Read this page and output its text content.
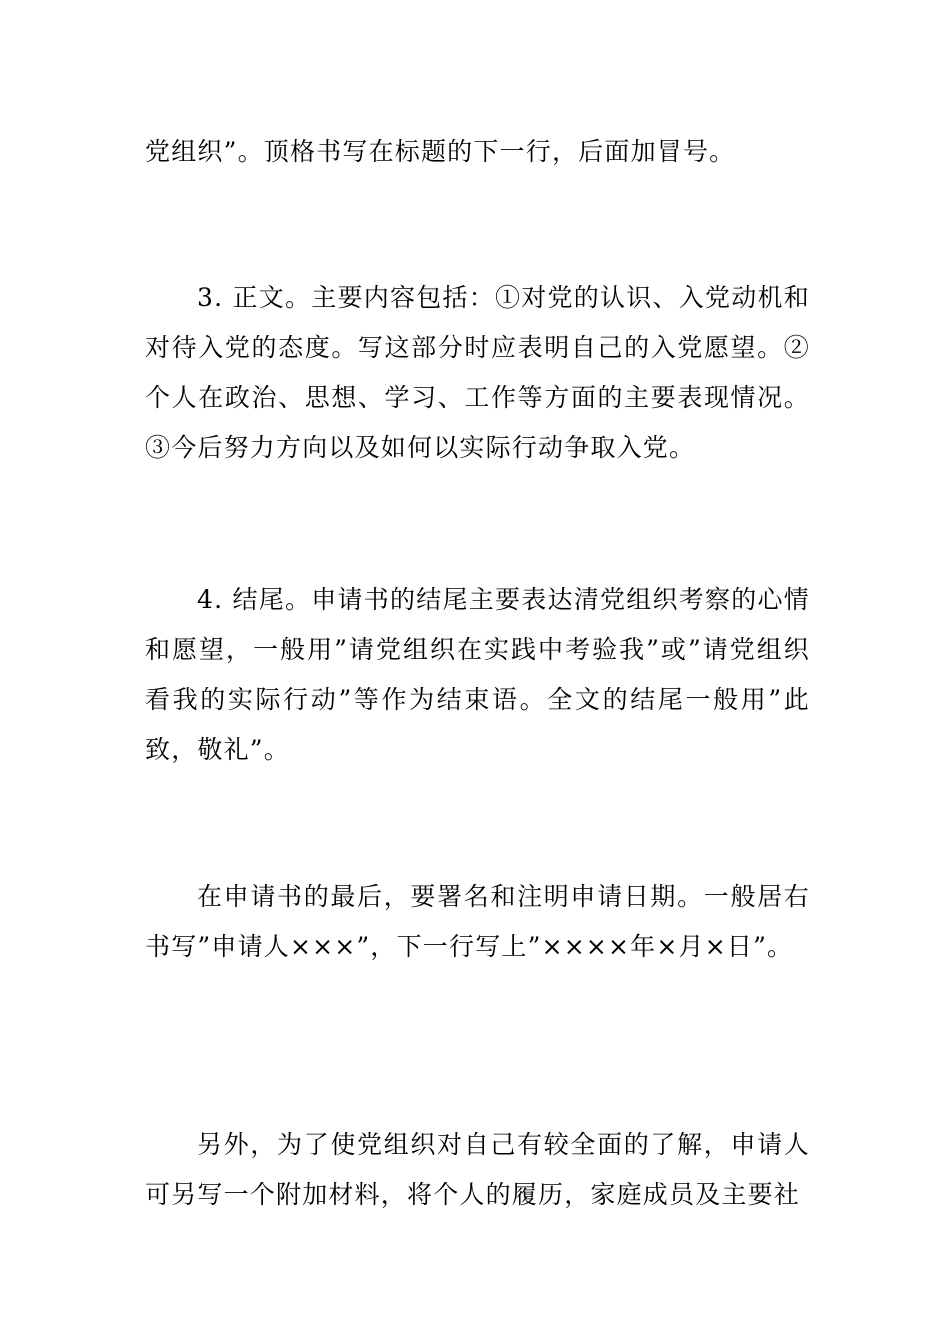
党组织”。顶格书写在标题的下一行，后面加冒号。

3. 正文。主要内容包括：①对党的认识、入党动机和对待入党的态度。写这部分时应表明自己的入党愿望。②个人在政治、思想、学习、工作等方面的主要表现情况。③今后努力方向以及如何以实际行动争取入党。

4. 结尾。申请书的结尾主要表达清党组织考察的心情和愿望，一般用”请党组织在实践中考验我”或”请党组织看我的实际行动”等作为结束语。全文的结尾一般用”此致，敬礼”。

在申请书的最后，要署名和注明申请日期。一般居右书写”申请人×××”，下一行写上”××××年×月×日”。

另外，为了使党组织对自己有较全面的了解，申请人可另写一个附加材料，将个人的履历，家庭成员及主要社
